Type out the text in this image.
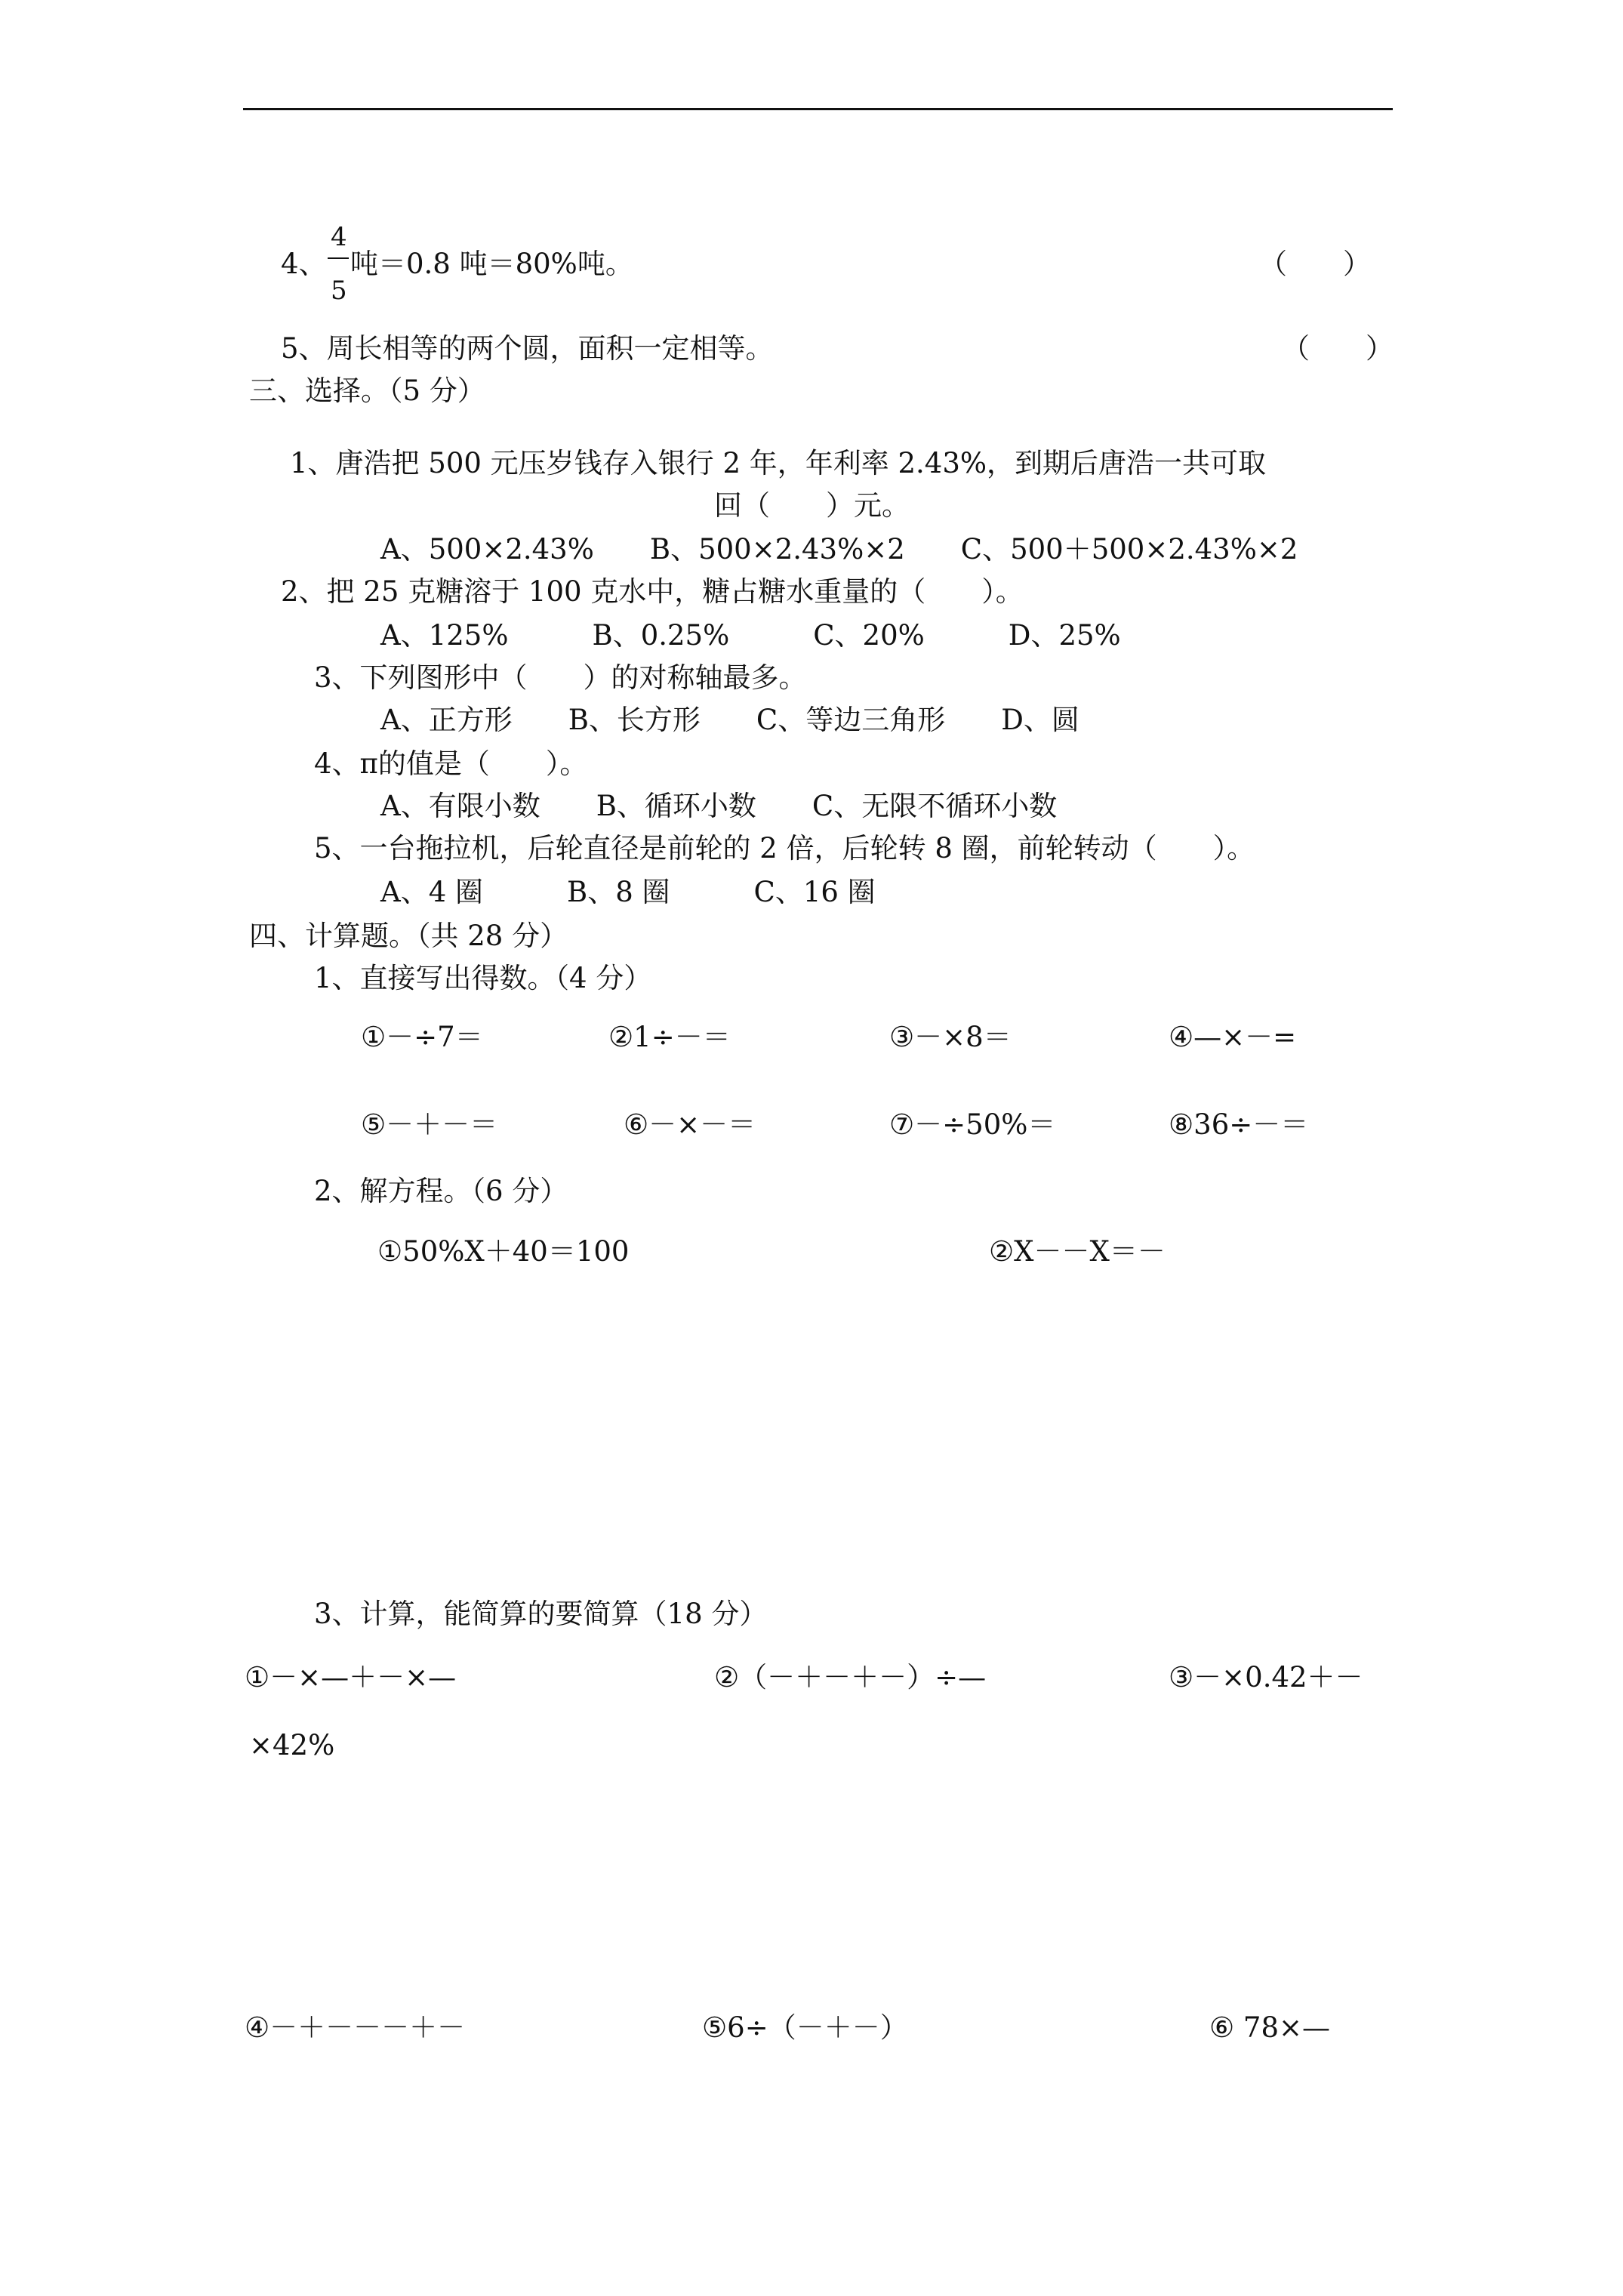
4、
4
5
吨＝0.8 吨＝80%吨。	（　　）
5、周长相等的两个圆，面积一定相等。	（　　）
三、选择。（5 分）
1、唐浩把 500 元压岁钱存入银行 2 年，年利率 2.43%，到期后唐浩一共可取
回（　　）元。
A、500×2.43%　　B、500×2.43%×2　　C、500＋500×2.43%×2
2、把 25 克糖溶于 100 克水中，糖占糖水重量的（　　）。
A、125%　　　B、0.25%　　　C、20%　　　D、25%
3、下列图形中（　　）的对称轴最多。
A、正方形　　B、长方形　　C、等边三角形　　D、圆
4、π的值是（　　）。
A、有限小数　　B、循环小数　　C、无限不循环小数
5、一台拖拉机，后轮直径是前轮的 2 倍，后轮转 8 圈，前轮转动（　　）。
A、4 圈　　　B、8 圈　　　C、16 圈
四、计算题。（共 28 分）
1、直接写出得数。（4 分）
①－÷7＝	②1÷－＝	③－×8＝	④—×－=
⑤－＋－＝	⑥－×－＝	⑦－÷50%＝	⑧36÷－＝
2、解方程。（6 分）
①50%X＋40＝100	②X－－X＝－
3、计算，能简算的要简算（18 分）
①－×—＋－×—	②（－＋－＋－）÷—	③－×0.42＋－
×42%
④－＋－－－＋－	⑤6÷（－＋－）	⑥ 78×—
